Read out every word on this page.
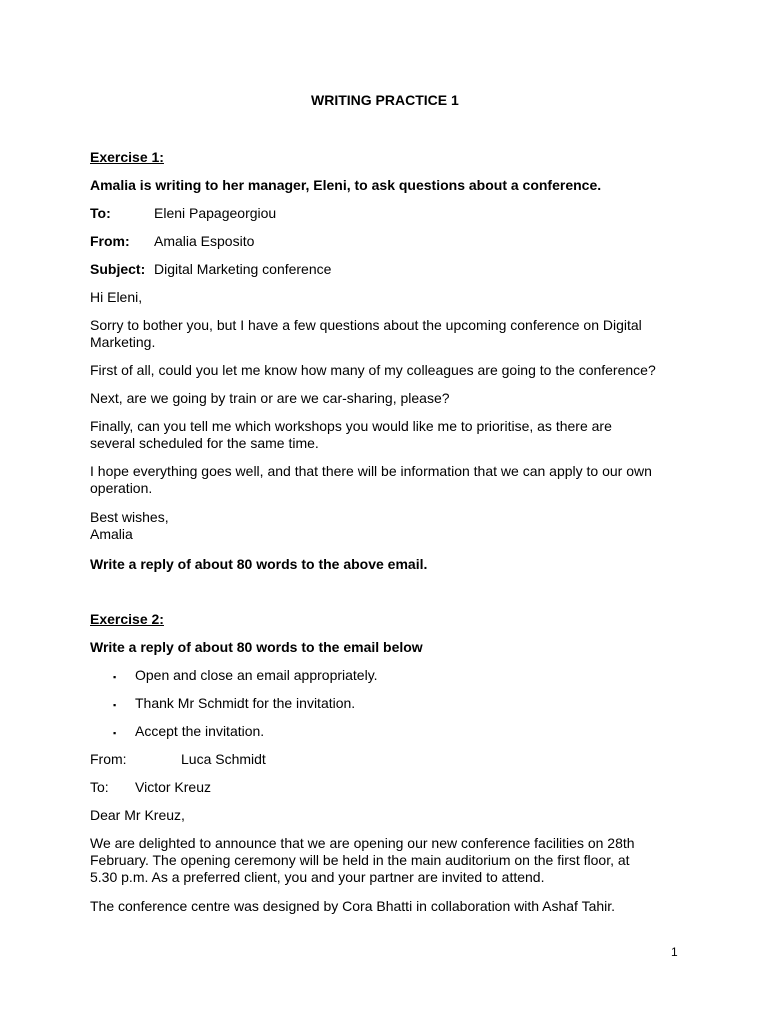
WRITING PRACTICE 1
Exercise 1:
Amalia is writing to her manager, Eleni, to ask questions about a conference.
To:	Eleni Papageorgiou
From: Amalia Esposito
Subject: Digital Marketing conference
Hi Eleni,
Sorry to bother you, but I have a few questions about the upcoming conference on Digital Marketing.
First of all, could you let me know how many of my colleagues are going to the conference?
Next, are we going by train or are we car-sharing, please?
Finally, can you tell me which workshops you would like me to prioritise, as there are several scheduled for the same time.
I hope everything goes well, and that there will be information that we can apply to our own operation.
Best wishes,
Amalia
Write a reply of about 80 words to the above email.
Exercise 2:
Write a reply of about 80 words to the email below
▪ Open and close an email appropriately.
▪ Thank Mr Schmidt for the invitation.
▪ Accept the invitation.
From:	Luca Schmidt
To: Victor Kreuz
Dear Mr Kreuz,
We are delighted to announce that we are opening our new conference facilities on 28th February. The opening ceremony will be held in the main auditorium on the first floor, at 5.30 p.m. As a preferred client, you and your partner are invited to attend.
The conference centre was designed by Cora Bhatti in collaboration with Ashaf Tahir.
1
